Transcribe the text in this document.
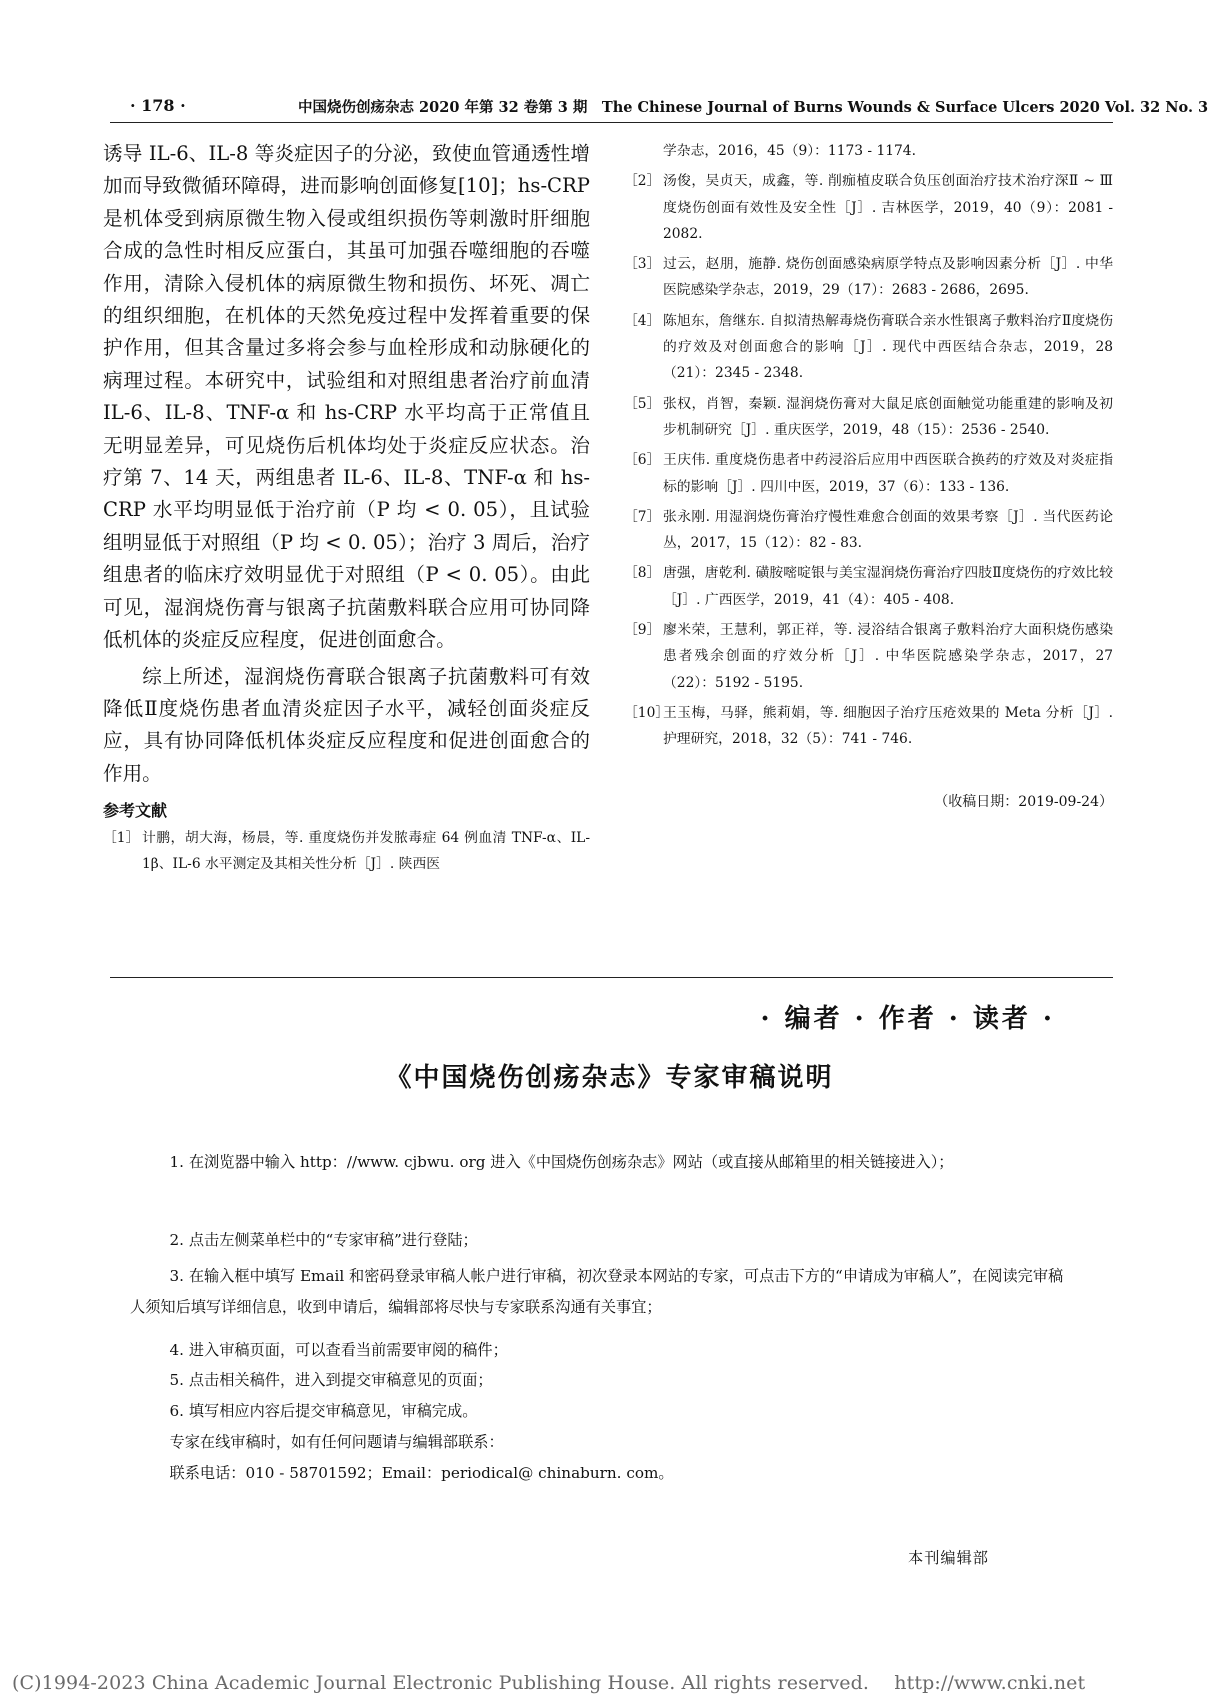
· 178 ·	中国烧伤创疡杂志 2020 年第 32 卷第 3 期　The Chinese Journal of Burns Wounds & Surface Ulcers 2020 Vol. 32 No. 3

诱导 IL-6、IL-8 等炎症因子的分泌，致使血管通透性增加而导致微循环障碍，进而影响创面修复[10]；hs-CRP 是机体受到病原微生物入侵或组织损伤等刺激时肝细胞合成的急性时相反应蛋白，其虽可加强吞噬细胞的吞噬作用，清除入侵机体的病原微生物和损伤、坏死、凋亡的组织细胞，在机体的天然免疫过程中发挥着重要的保护作用，但其含量过多将会参与血栓形成和动脉硬化的病理过程。本研究中，试验组和对照组患者治疗前血清 IL-6、IL-8、TNF-α 和 hs-CRP 水平均高于正常值且无明显差异，可见烧伤后机体均处于炎症反应状态。治疗第 7、14 天，两组患者 IL-6、IL-8、TNF-α 和 hs-CRP 水平均明显低于治疗前（P 均 < 0. 05），且试验组明显低于对照组（P 均 < 0. 05）；治疗 3 周后，治疗组患者的临床疗效明显优于对照组（P < 0. 05）。由此可见，湿润烧伤膏与银离子抗菌敷料联合应用可协同降低机体的炎症反应程度，促进创面愈合。

综上所述，湿润烧伤膏联合银离子抗菌敷料可有效降低Ⅱ度烧伤患者血清炎症因子水平，减轻创面炎症反应，具有协同降低机体炎症反应程度和促进创面愈合的作用。

参考文献
［1］ 计鹏，胡大海，杨晨，等. 重度烧伤并发脓毒症 64 例血清 TNF-α、IL-1β、IL-6 水平测定及其相关性分析［J］. 陕西医
学杂志，2016，45（9）：1173 - 1174.
［2］ 汤俊，吴贞天，成鑫，等. 削痂植皮联合负压创面治疗技术治疗深Ⅱ ~ Ⅲ度烧伤创面有效性及安全性［J］. 吉林医学，2019，40（9）：2081 - 2082.
［3］ 过云，赵朋，施静. 烧伤创面感染病原学特点及影响因素分析［J］. 中华医院感染学杂志，2019，29（17）：2683 - 2686，2695.
［4］ 陈旭东，詹继东. 自拟清热解毒烧伤膏联合亲水性银离子敷料治疗Ⅱ度烧伤的疗效及对创面愈合的影响［J］. 现代中西医结合杂志，2019，28（21）：2345 - 2348.
［5］ 张权，肖智，秦颖. 湿润烧伤膏对大鼠足底创面触觉功能重建的影响及初步机制研究［J］. 重庆医学，2019，48（15）：2536 - 2540.
［6］ 王庆伟. 重度烧伤患者中药浸浴后应用中西医联合换药的疗效及对炎症指标的影响［J］. 四川中医，2019，37（6）：133 - 136.
［7］ 张永刚. 用湿润烧伤膏治疗慢性难愈合创面的效果考察［J］. 当代医药论丛，2017，15（12）：82 - 83.
［8］ 唐强，唐乾利. 磺胺嘧啶银与美宝湿润烧伤膏治疗四肢Ⅱ度烧伤的疗效比较［J］. 广西医学，2019，41（4）：405 - 408.
［9］ 廖米荣，王慧利，郭正祥，等. 浸浴结合银离子敷料治疗大面积烧伤感染患者残余创面的疗效分析［J］. 中华医院感染学杂志，2017，27（22）：5192 - 5195.
［10］
王玉梅，马驿，熊莉娟，等. 细胞因子治疗压疮效果的 Meta 分析［J］. 护理研究，2018，32（5）：741 - 746.
（收稿日期：2019-09-24）
· 编者 · 作者 · 读者 ·
《中国烧伤创疡杂志》专家审稿说明

1. 在浏览器中输入 http：//www. cjbwu. org 进入《中国烧伤创疡杂志》网站（或直接从邮箱里的相关链接进入）；

2. 点击左侧菜单栏中的“专家审稿”进行登陆；

3. 在输入框中填写 Email 和密码登录审稿人帐户进行审稿，初次登录本网站的专家，可点击下方的“申请成为审稿人”，在阅读完审稿人须知后填写详细信息，收到申请后，编辑部将尽快与专家联系沟通有关事宜；

4. 进入审稿页面，可以查看当前需要审阅的稿件；

5. 点击相关稿件，进入到提交审稿意见的页面；

6. 填写相应内容后提交审稿意见，审稿完成。

专家在线审稿时，如有任何问题请与编辑部联系：

联系电话：010 - 58701592；Email：periodical@ chinaburn. com。

本刊编辑部
(C)1994-2023 China Academic Journal Electronic Publishing House. All rights reserved.　 http://www.cnki.net
